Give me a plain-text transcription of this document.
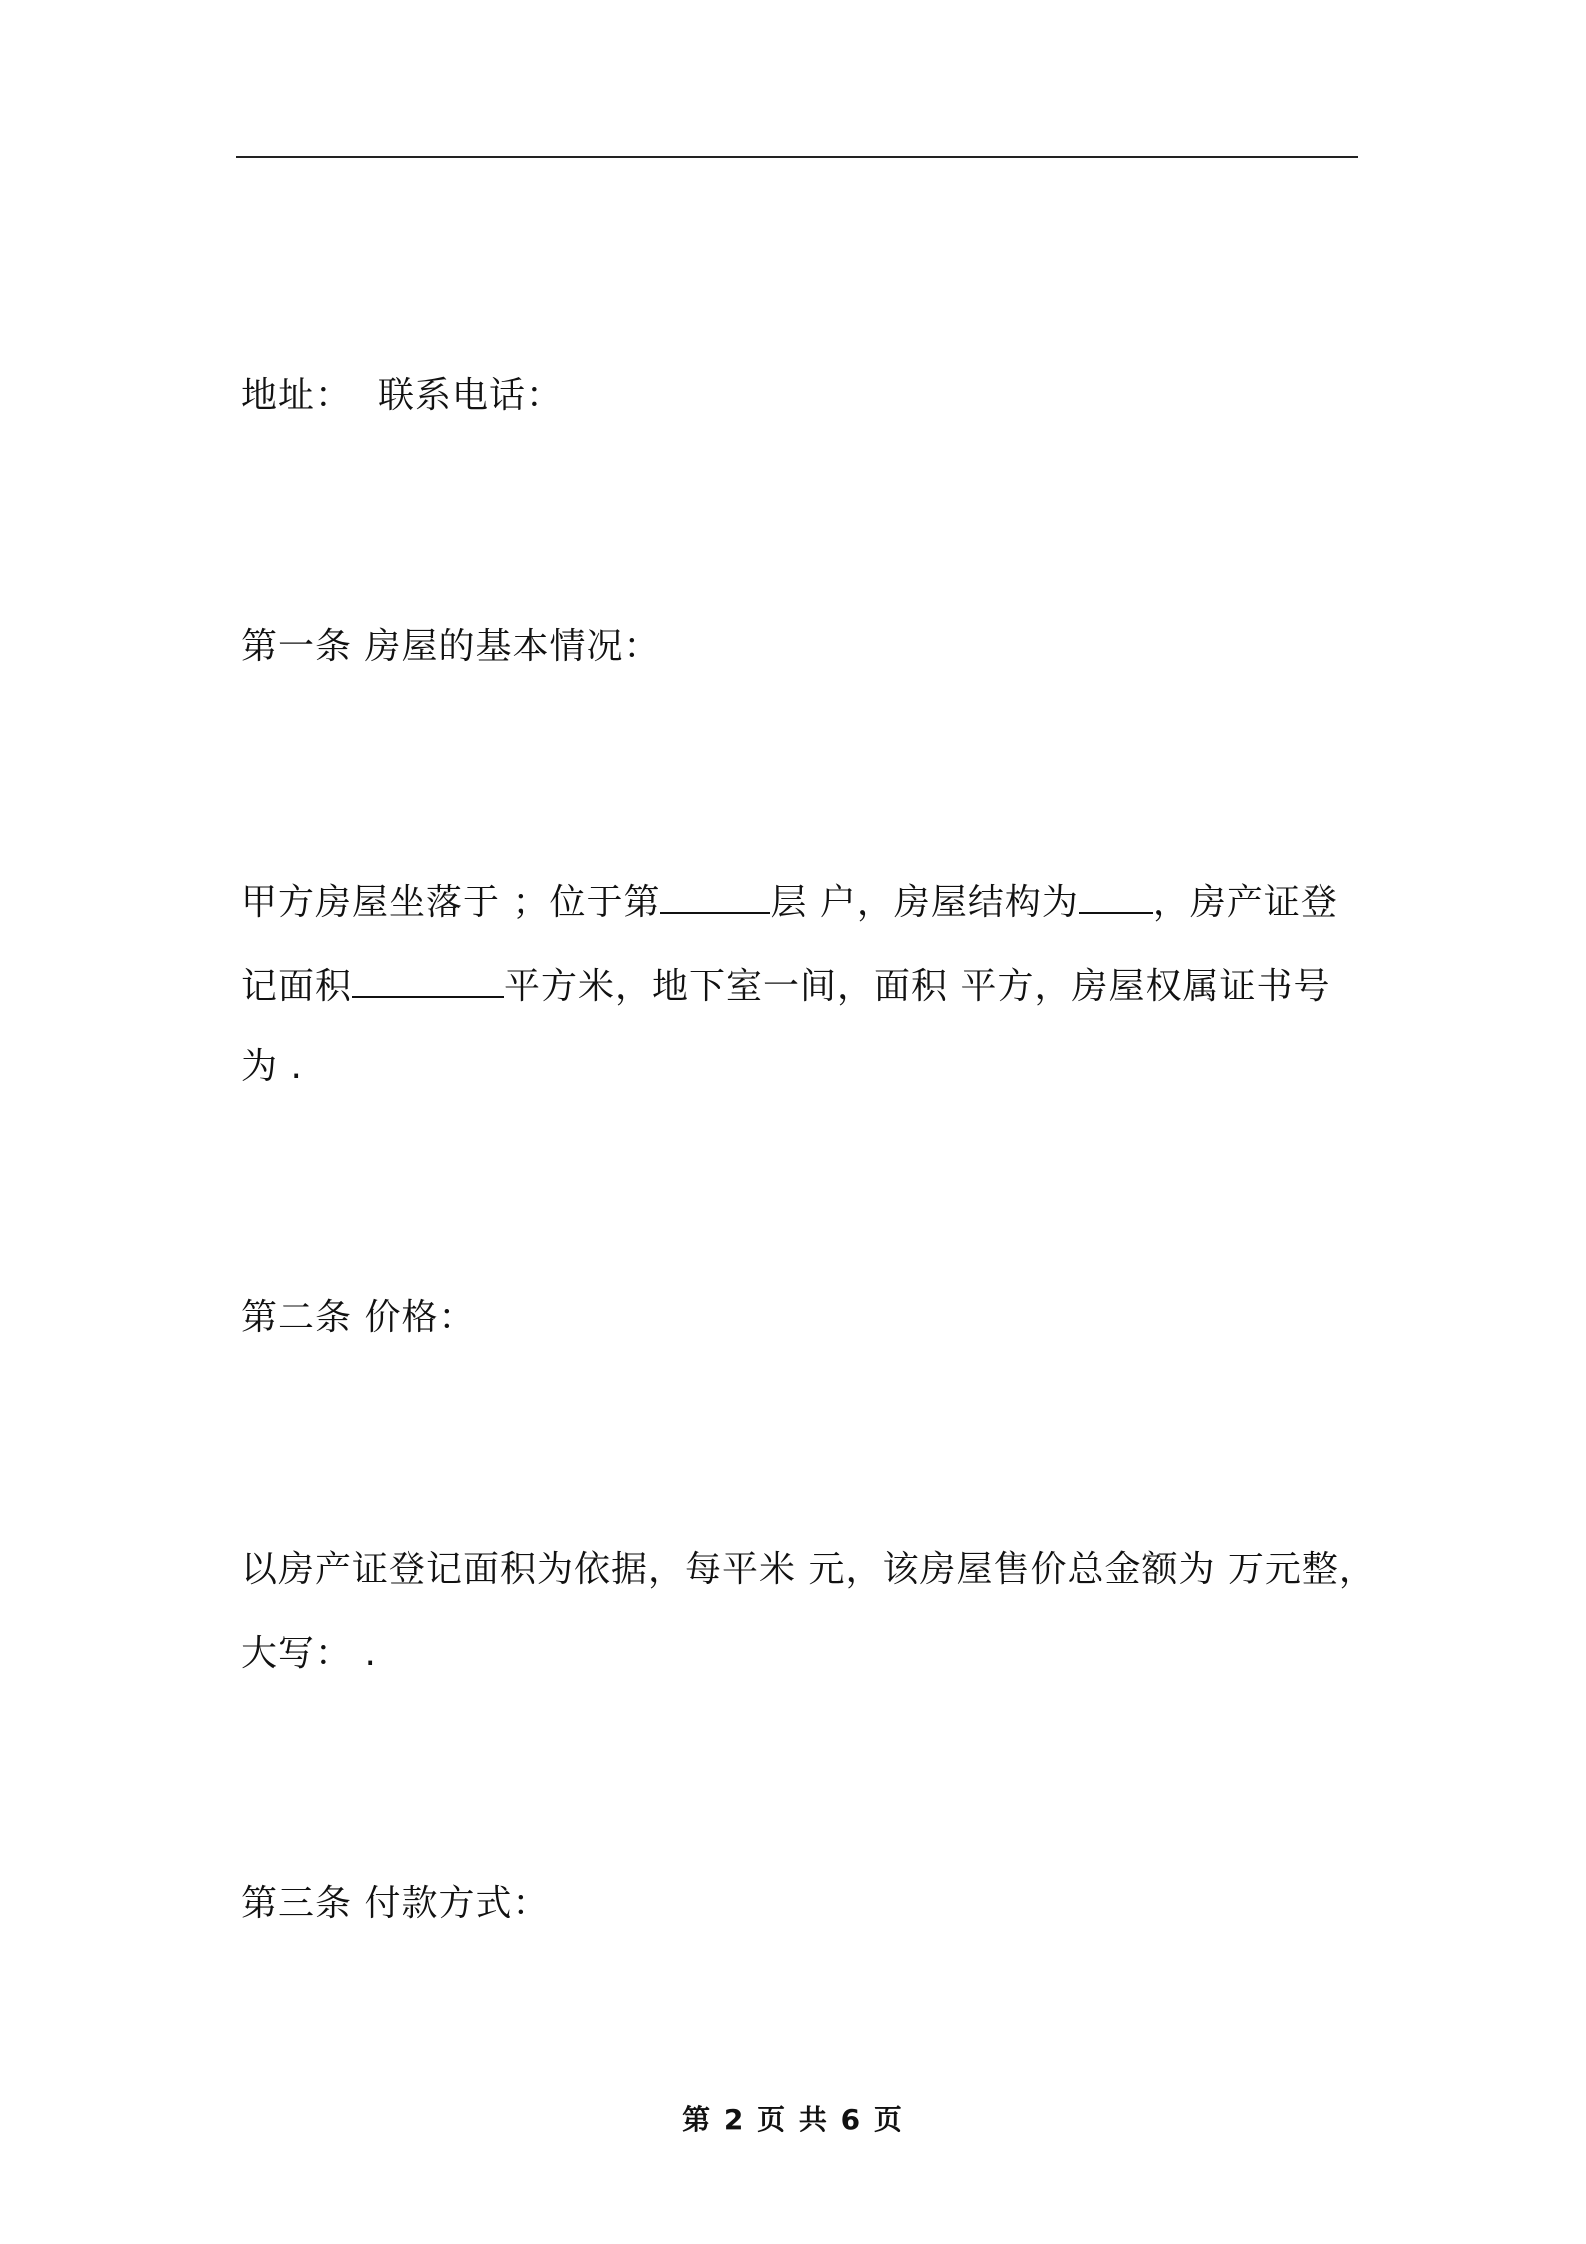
地址： 联系电话：
第一条 房屋的基本情况：
甲方房屋坐落于 ；位于第	层 户，房屋结构为 ，房产证登
记面积	平方米，地下室一间，面积 平方，房屋权属证书号
为 .
第二条 价格：
以房产证登记面积为依据，每平米 元，该房屋售价总金额为 万元整，
大写： .
第三条 付款方式：
第 2 页 共 6 页
